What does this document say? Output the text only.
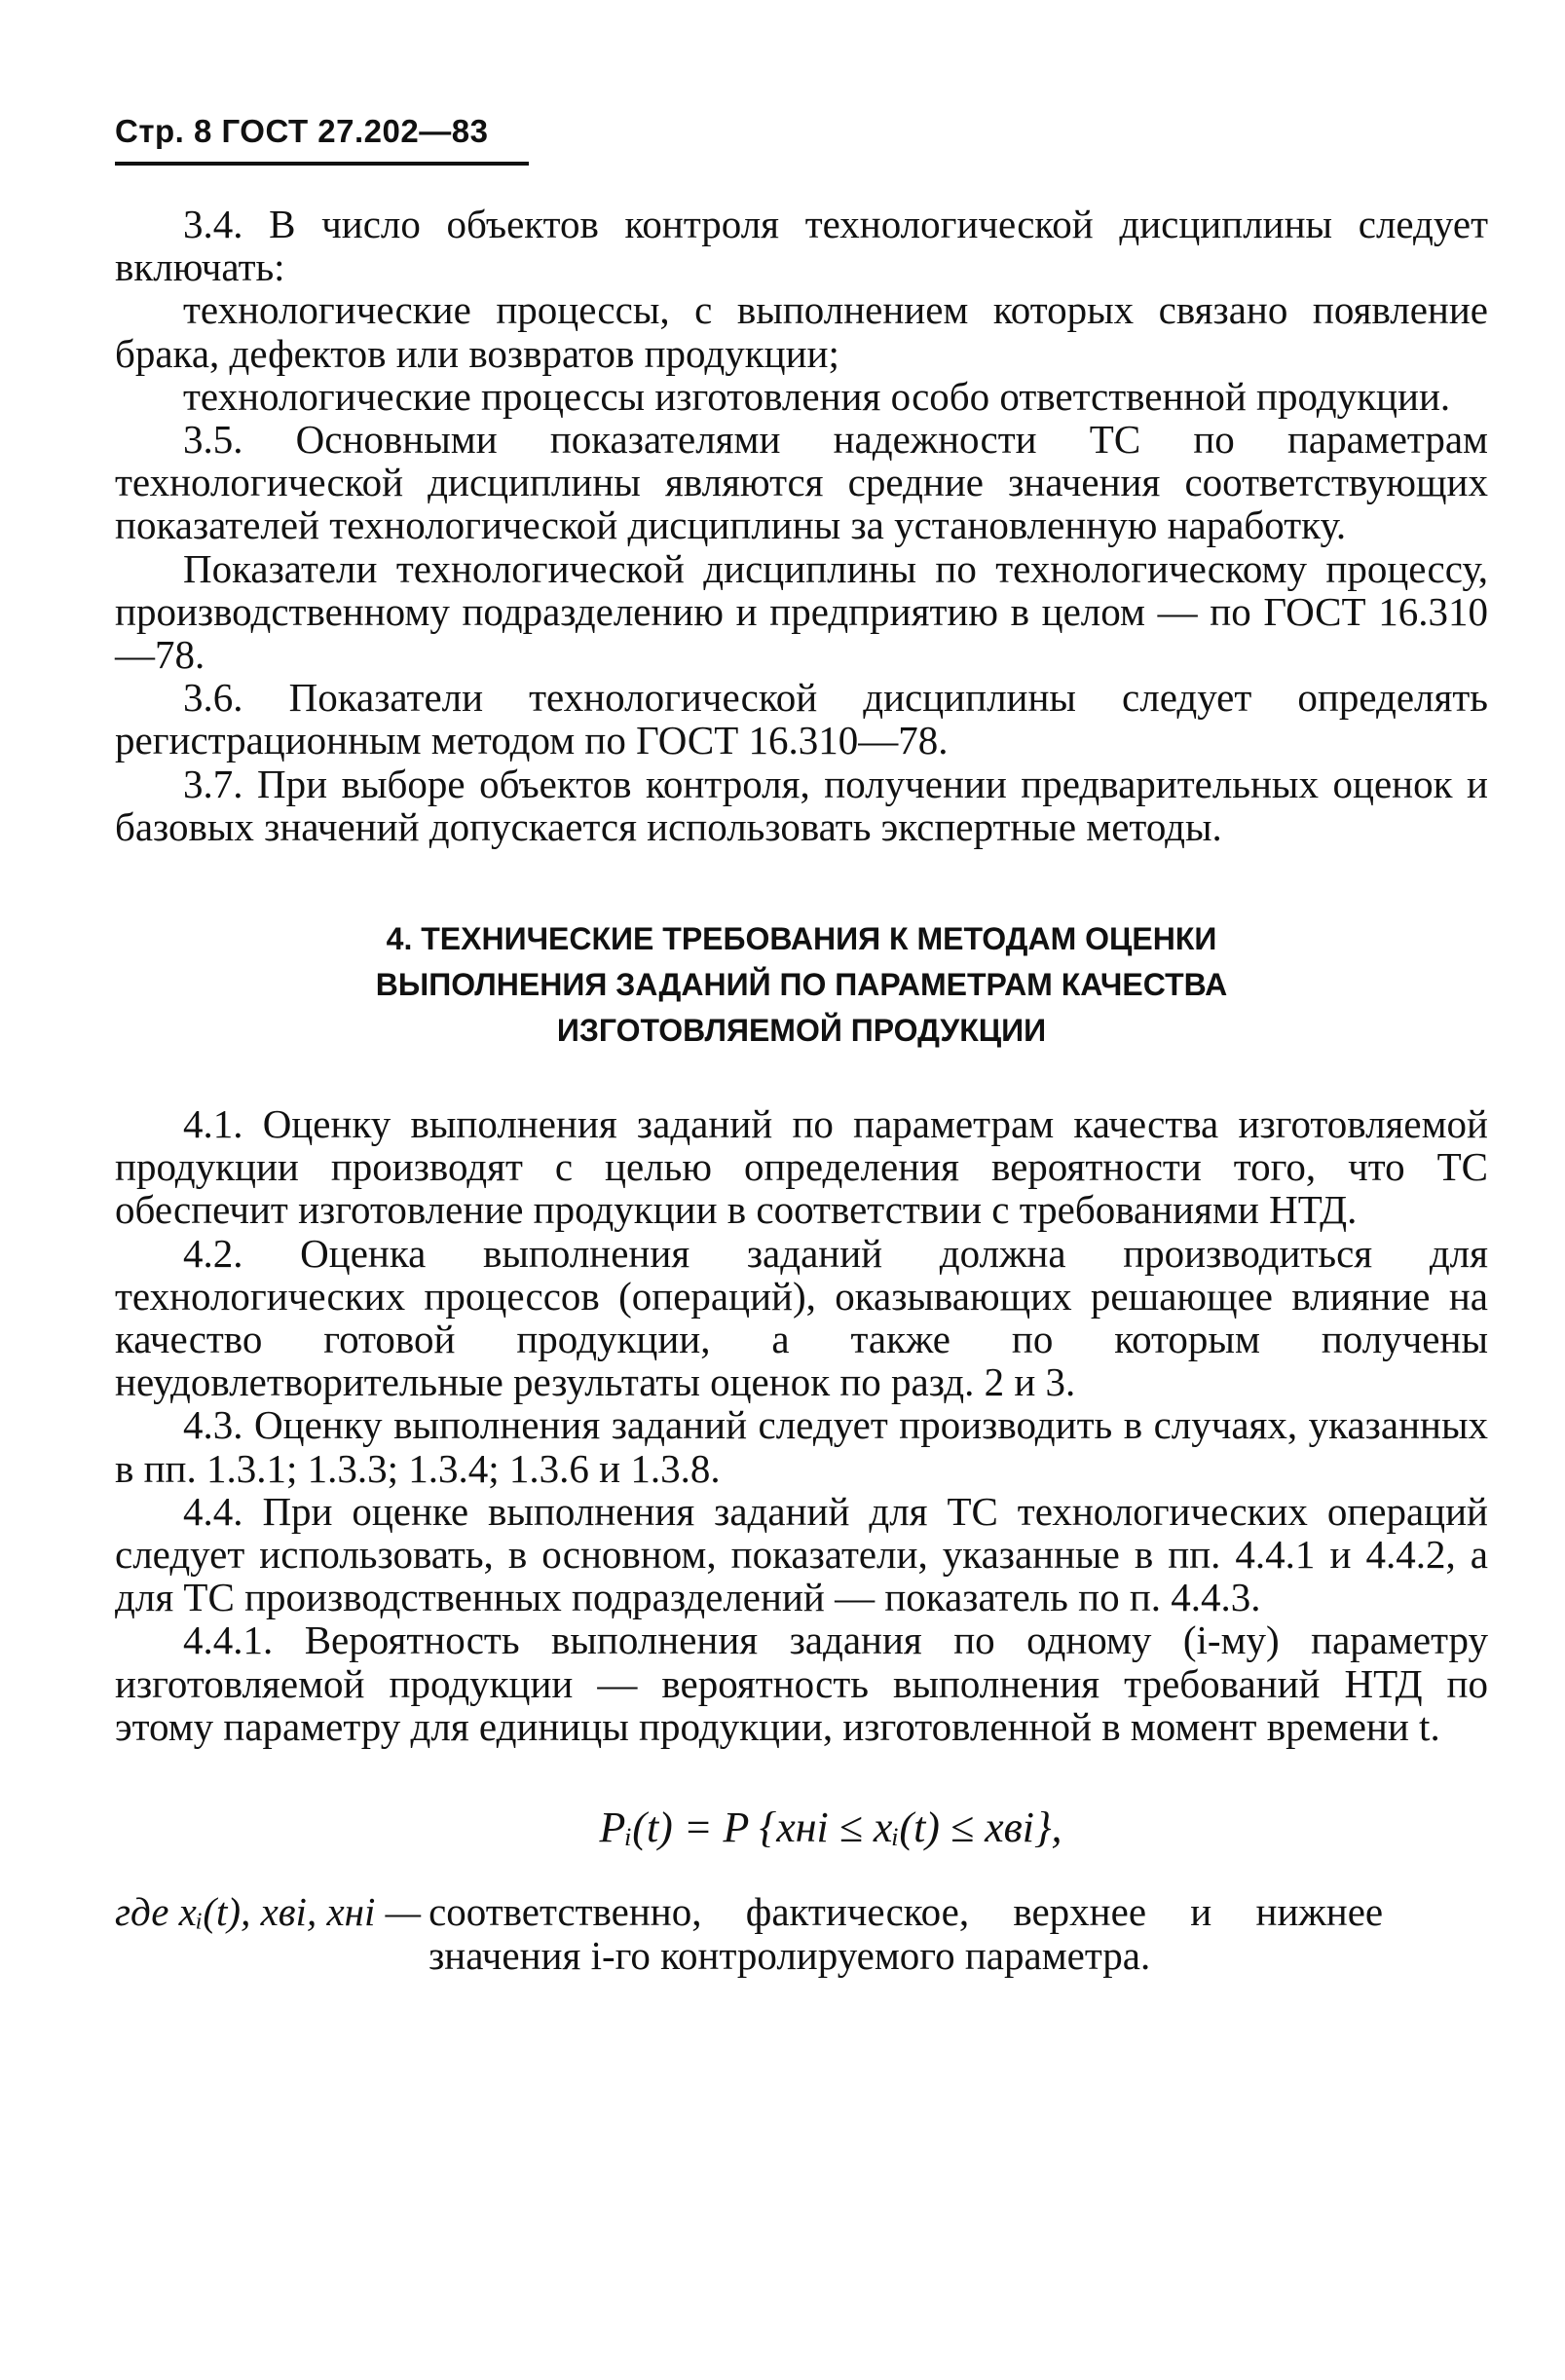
Стр. 8 ГОСТ 27.202—83

3.4. В число объектов контроля технологической дисциплины следует включать:

технологические процессы, с выполнением которых связано появление брака, дефектов или возвратов продукции;

технологические процессы изготовления особо ответственной продукции.

3.5. Основными показателями надежности ТС по параметрам технологической дисциплины являются средние значения соответствующих показателей технологической дисциплины за установленную наработку.

Показатели технологической дисциплины по технологическому процессу, производственному подразделению и предприятию в целом — по ГОСТ 16.310—78.

3.6. Показатели технологической дисциплины следует определять регистрационным методом по ГОСТ 16.310—78.

3.7. При выборе объектов контроля, получении предварительных оценок и базовых значений допускается использовать экспертные методы.

4. ТЕХНИЧЕСКИЕ ТРЕБОВАНИЯ К МЕТОДАМ ОЦЕНКИ
ВЫПОЛНЕНИЯ ЗАДАНИЙ ПО ПАРАМЕТРАМ КАЧЕСТВА
ИЗГОТОВЛЯЕМОЙ ПРОДУКЦИИ

4.1. Оценку выполнения заданий по параметрам качества изготовляемой продукции производят с целью определения вероятности того, что ТС обеспечит изготовление продукции в соответствии с требованиями НТД.

4.2. Оценка выполнения заданий должна производиться для технологических процессов (операций), оказывающих решающее влияние на качество готовой продукции, а также по которым получены неудовлетворительные результаты оценок по разд. 2 и 3.

4.3. Оценку выполнения заданий следует производить в случаях, указанных в пп. 1.3.1; 1.3.3; 1.3.4; 1.3.6 и 1.3.8.

4.4. При оценке выполнения заданий для ТС технологических операций следует использовать, в основном, показатели, указанные в пп. 4.4.1 и 4.4.2, а для ТС производственных подразделений — показатель по п. 4.4.3.

4.4.1. Вероятность выполнения задания по одному (i-му) параметру изготовляемой продукции — вероятность выполнения требований НТД по этому параметру для единицы продукции, изготовленной в момент времени t.

Pᵢ(t) = P {xнi ≤ xᵢ(t) ≤ xвi},
где xᵢ(t), xвi, xнi — соответственно, фактическое, верхнее и нижнее значения i-го контролируемого параметра.
